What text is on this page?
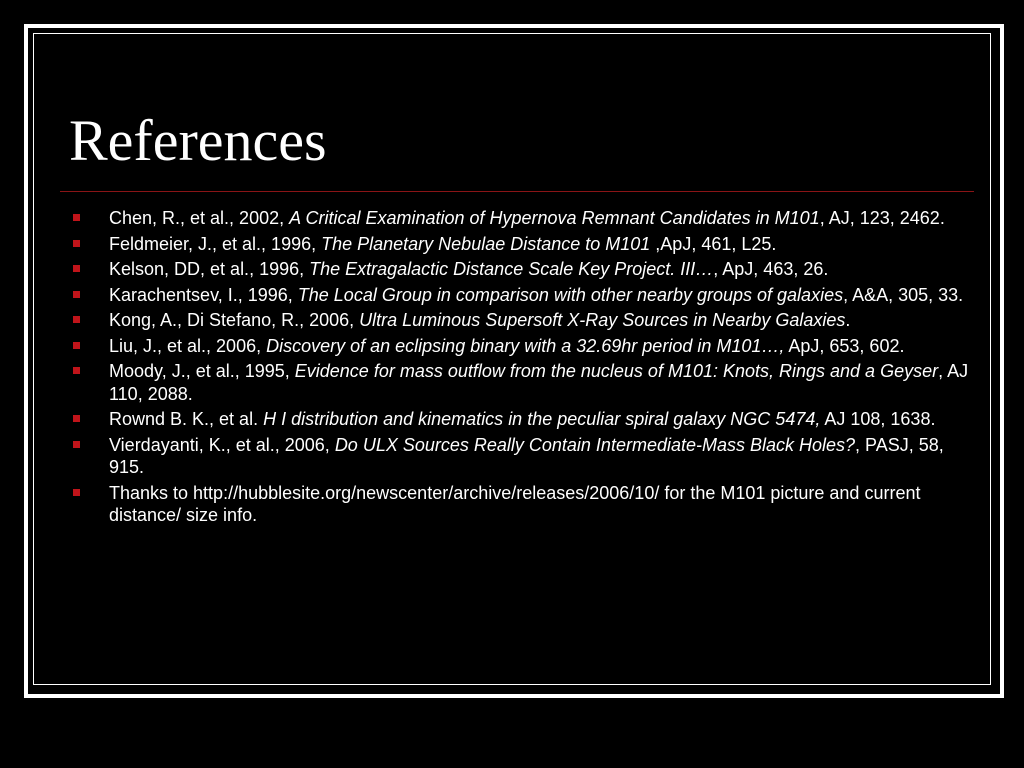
References
Chen, R., et al., 2002, A Critical Examination of Hypernova Remnant Candidates in M101, AJ, 123, 2462.
Feldmeier, J., et al., 1996, The Planetary Nebulae Distance to M101 ,ApJ, 461, L25.
Kelson, DD, et al., 1996, The Extragalactic Distance Scale Key Project. III…, ApJ, 463, 26.
Karachentsev, I., 1996, The Local Group in comparison with other nearby groups of galaxies, A&A, 305, 33.
Kong, A., Di Stefano, R., 2006, Ultra Luminous Supersoft X-Ray Sources in Nearby Galaxies.
Liu, J., et al., 2006, Discovery of an eclipsing binary with a 32.69hr period in M101…, ApJ, 653, 602.
Moody, J., et al., 1995, Evidence for mass outflow from the nucleus of M101: Knots, Rings and a Geyser, AJ 110, 2088.
Rownd B. K., et al. H I distribution and kinematics in the peculiar spiral galaxy NGC 5474, AJ 108, 1638.
Vierdayanti, K., et al., 2006, Do ULX Sources Really Contain Intermediate-Mass Black Holes?, PASJ, 58, 915.
Thanks to http://hubblesite.org/newscenter/archive/releases/2006/10/ for the M101 picture and current distance/ size info.
